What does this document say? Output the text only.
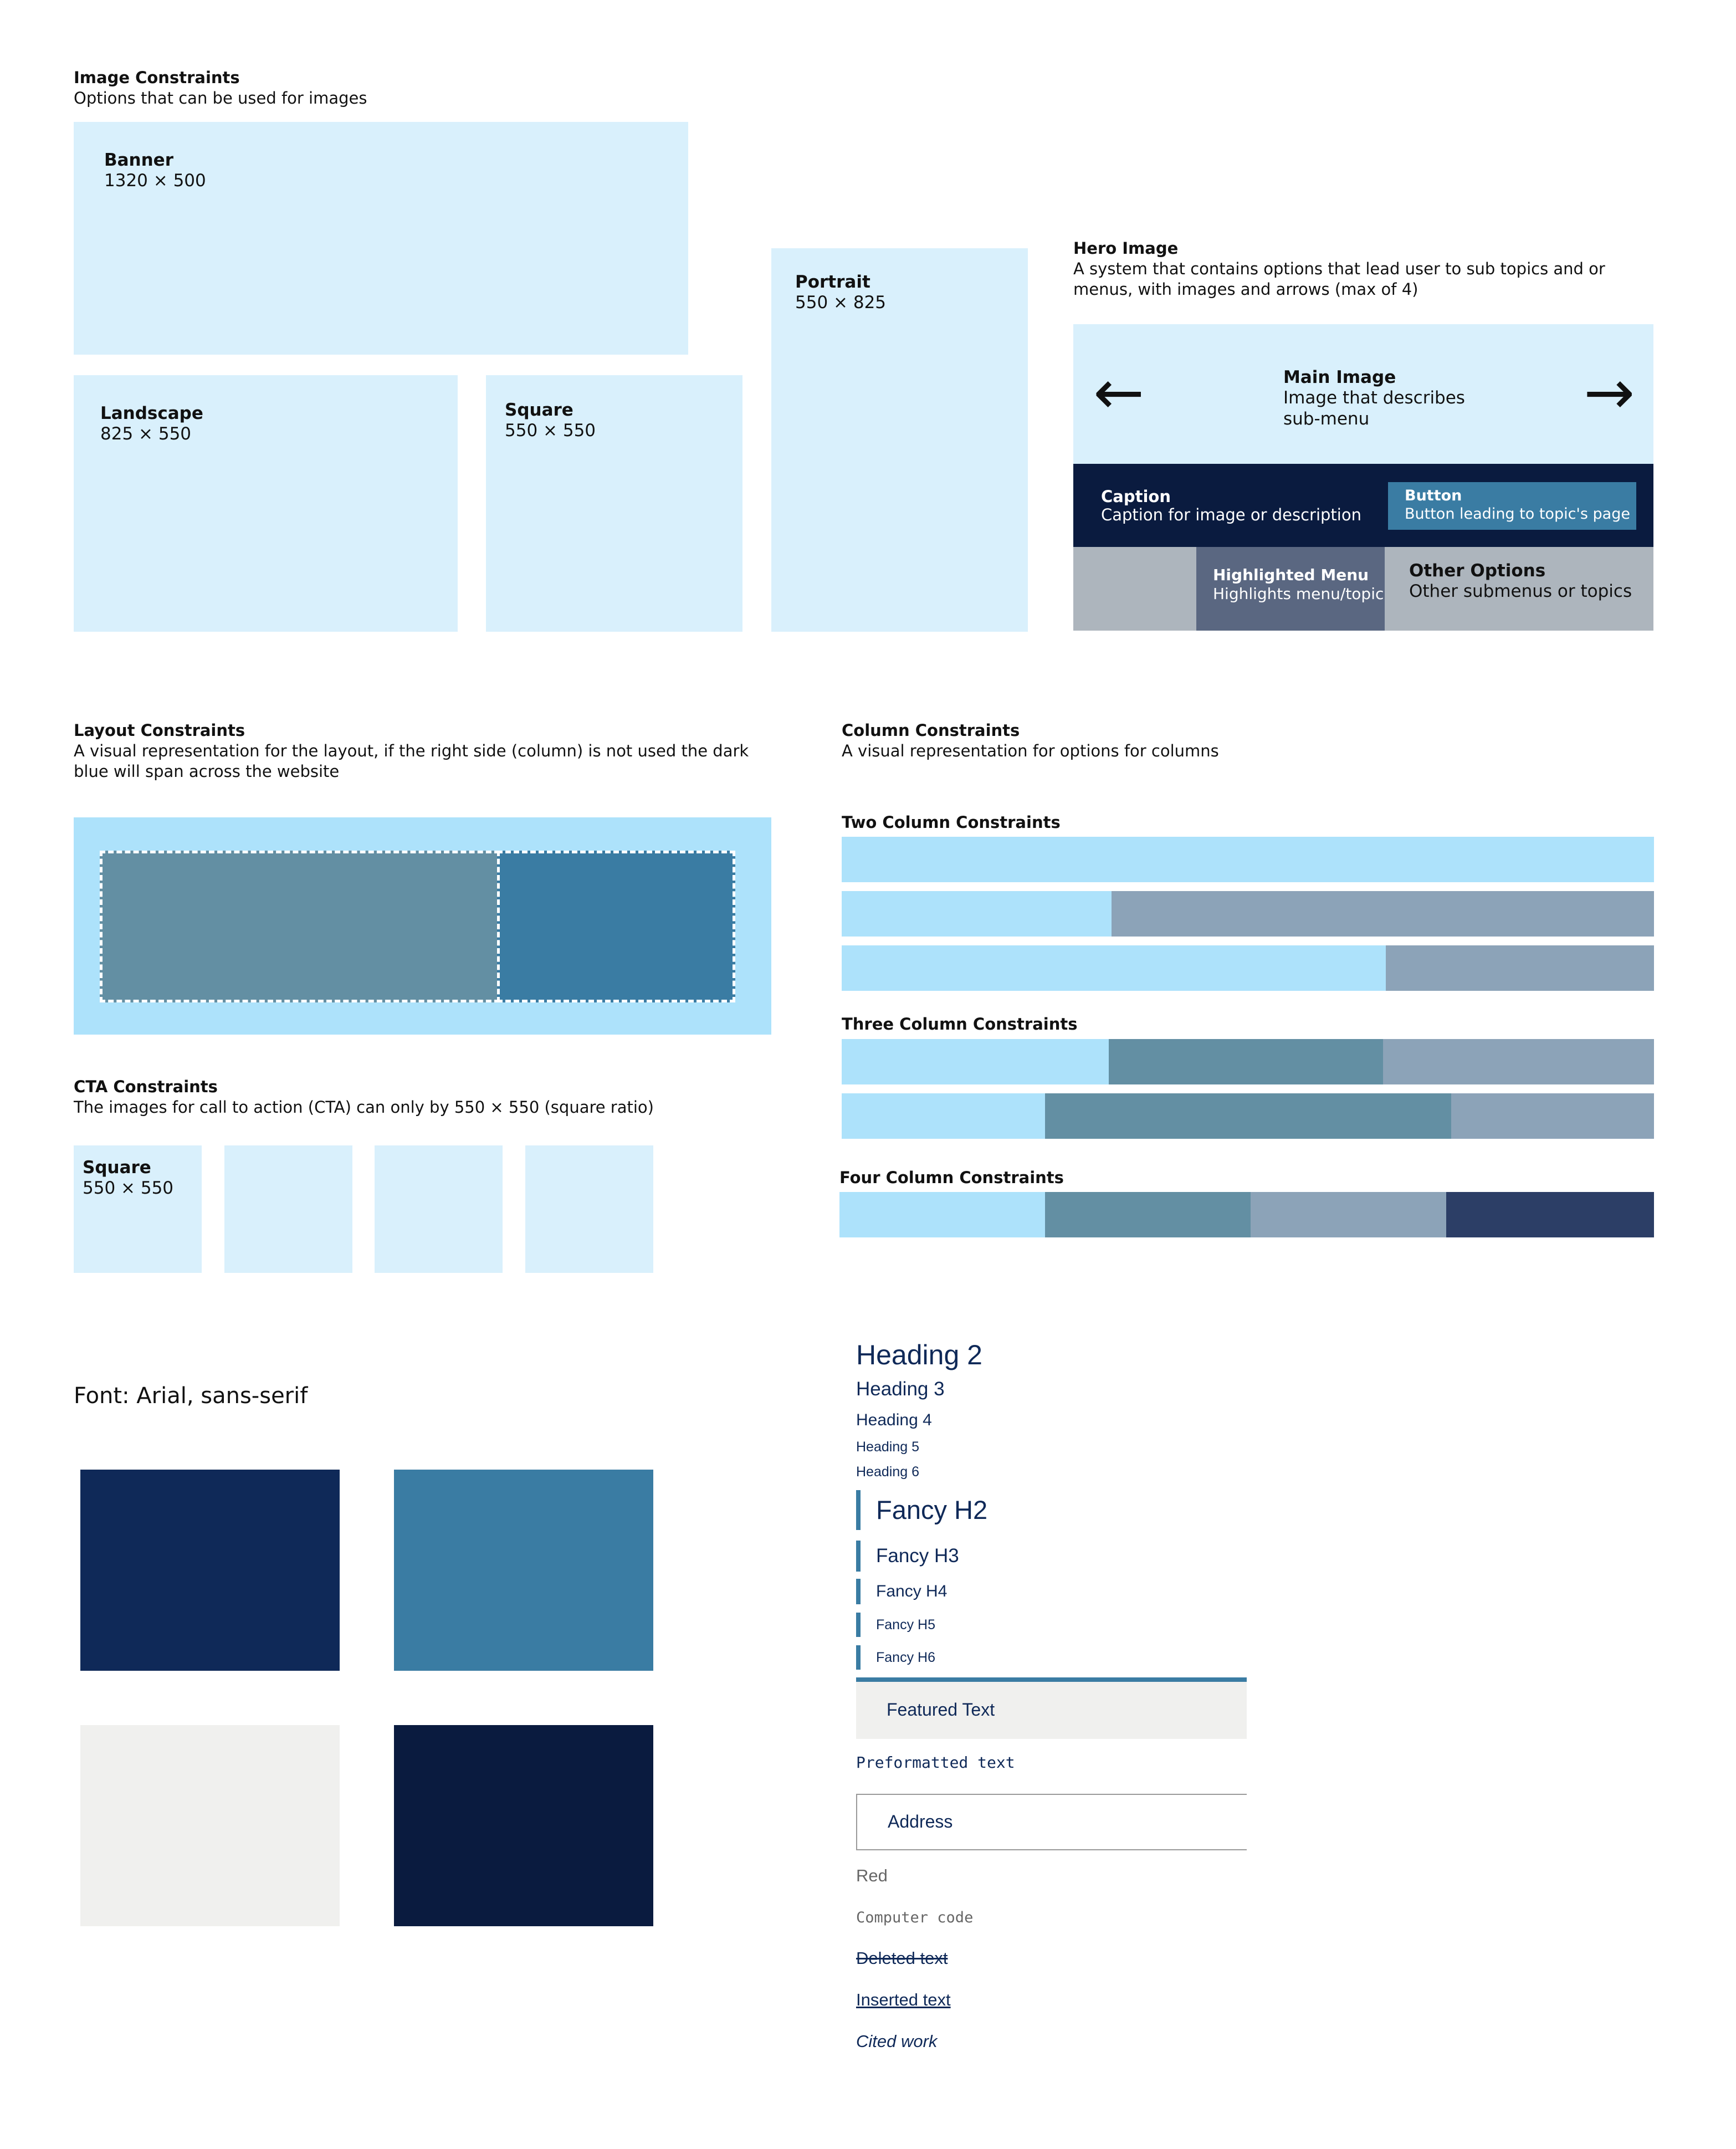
Image Constraints
Options that can be used for images
Banner
1320 × 500
Landscape
825 × 550
Square
550 × 550
Portrait
550 × 825
Hero Image
A system that contains options that lead user to sub topics and or menus, with images and arrows (max of 4)
←	→
Main Image
Image that describes sub-menu
Caption
Caption for image or description
Button
Button leading to topic's page
Highlighted Menu
Highlights menu/topic
Other Options
Other submenus or topics
Layout Constraints
A visual representation for the layout, if the right side (column) is not used the dark blue will span across the website
CTA Constraints
The images for call to action (CTA) can only by 550 × 550 (square ratio)
Square
550 × 550
Column Constraints
A visual representation for options for columns
Two Column Constraints
Three Column Constraints
Four Column Constraints
Font: Arial, sans-serif
Heading 2
Heading 3
Heading 4
Heading 5
Heading 6
Fancy H2
Fancy H3
Fancy H4
Fancy H5
Fancy H6
Featured Text
Preformatted text
Address
Red
Computer code
Deleted text
Inserted text
Cited work
